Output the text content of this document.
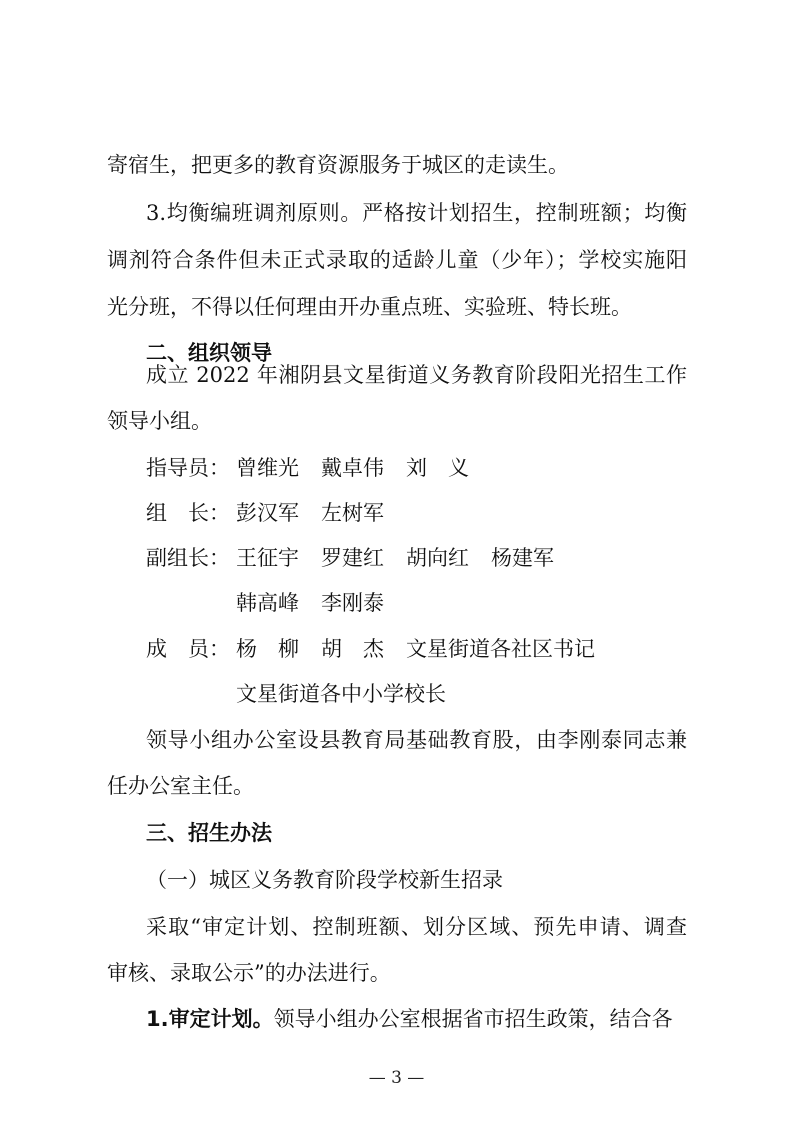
寄宿生，把更多的教育资源服务于城区的走读生。
3.均衡编班调剂原则。严格按计划招生，控制班额；均衡
调剂符合条件但未正式录取的适龄儿童（少年）；学校实施阳
光分班，不得以任何理由开办重点班、实验班、特长班。
二、组织领导
成立 2022 年湘阴县文星街道义务教育阶段阳光招生工作
领导小组。
指导员： 曾维光 戴卓伟 刘　义
组　长： 彭汉军 左树军
副组长： 王征宇 罗建红 胡向红 杨建军
韩高峰 李刚泰
成　员： 杨　柳 胡　杰 文星街道各社区书记
文星街道各中小学校长
领导小组办公室设县教育局基础教育股，由李刚泰同志兼
任办公室主任。
三、招生办法
（一）城区义务教育阶段学校新生招录
采取“审定计划、控制班额、划分区域、预先申请、调查
审核、录取公示”的办法进行。
1.审定计划。领导小组办公室根据省市招生政策，结合各
— 3 —
